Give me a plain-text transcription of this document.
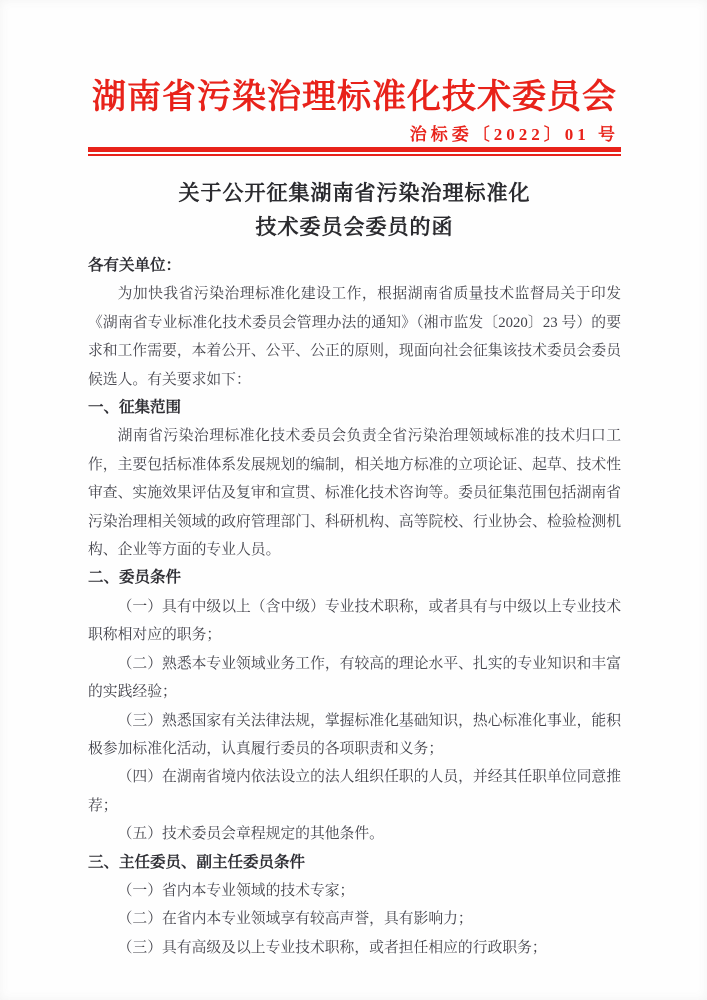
湖南省污染治理标准化技术委员会
治标委〔2022〕01 号
关于公开征集湖南省污染治理标准化
技术委员会委员的函

各有关单位：

为加快我省污染治理标准化建设工作，根据湖南省质量技术监督局关于印发《湖南省专业标准化技术委员会管理办法的通知》（湘市监发〔2020〕23 号）的要求和工作需要，本着公开、公平、公正的原则，现面向社会征集该技术委员会委员候选人。有关要求如下：

一、征集范围

湖南省污染治理标准化技术委员会负责全省污染治理领域标准的技术归口工作，主要包括标准体系发展规划的编制，相关地方标准的立项论证、起草、技术性审查、实施效果评估及复审和宣贯、标准化技术咨询等。委员征集范围包括湖南省污染治理相关领域的政府管理部门、科研机构、高等院校、行业协会、检验检测机构、企业等方面的专业人员。

二、委员条件

（一）具有中级以上（含中级）专业技术职称，或者具有与中级以上专业技术职称相对应的职务；

（二）熟悉本专业领域业务工作，有较高的理论水平、扎实的专业知识和丰富的实践经验；

（三）熟悉国家有关法律法规，掌握标准化基础知识，热心标准化事业，能积极参加标准化活动，认真履行委员的各项职责和义务；

（四）在湖南省境内依法设立的法人组织任职的人员，并经其任职单位同意推荐；

（五）技术委员会章程规定的其他条件。

三、主任委员、副主任委员条件

（一）省内本专业领域的技术专家；

（二）在省内本专业领域享有较高声誉，具有影响力；

（三）具有高级及以上专业技术职称，或者担任相应的行政职务；
